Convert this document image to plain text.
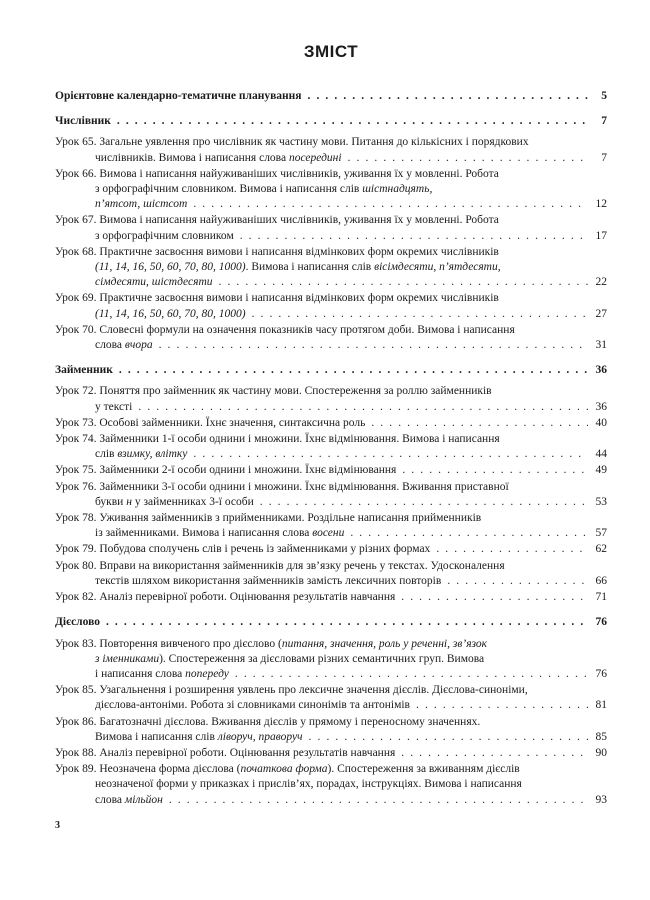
ЗМІСТ
Орієнтовне календарно-тематичне планування . . .	5
Числівник . . .	7
Урок 65. Загальне уявлення про числівник як частину мови. Питання до кількісних і порядкових
числівників. Вимова і написання слова посередині . . .	7
Урок 66. Вимова і написання найуживаніших числівників, уживання їх у мовленні. Робота
з орфографічним словником. Вимова і написання слів шістнадцять,
п’ятсот, шістсот . . .	12
Урок 67. Вимова і написання найуживаніших числівників, уживання їх у мовленні. Робота
з орфографічним словником . . .	17
Урок 68. Практичне засвоєння вимови і написання відмінкових форм окремих числівників
(11, 14, 16, 50, 60, 70, 80, 1000). Вимова і написання слів вісімдесяти, п’ятдесяти,
сімдесяти, шістдесяти . . .	22
Урок 69. Практичне засвоєння вимови і написання відмінкових форм окремих числівників
(11, 14, 16, 50, 60, 70, 80, 1000) . . .	27
Урок 70. Словесні формули на означення показників часу протягом доби. Вимова і написання
слова вчора . . .	31
Займенник . . .	36
Урок 72. Поняття про займенник як частину мови. Спостереження за роллю займенників
у тексті . . .	36
Урок 73. Особові займенники. Їхнє значення, синтаксична роль . . .	40
Урок 74. Займенники 1-ї особи однини і множини. Їхнє відмінювання. Вимова і написання
слів взимку, влітку . . .	44
Урок 75. Займенники 2-ї особи однини і множини. Їхнє відмінювання . . .	49
Урок 76. Займенники 3-ї особи однини і множини. Їхнє відмінювання. Вживання приставної
букви н у займенниках 3-ї особи . . .	53
Урок 78. Уживання займенників з прийменниками. Роздільне написання прийменників
із займенниками. Вимова і написання слова восени . . .	57
Урок 79. Побудова сполучень слів і речень із займенниками у різних формах . . .	62
Урок 80. Вправи на використання займенників для зв’язку речень у текстах. Удосконалення
текстів шляхом використання займенників замість лексичних повторів . . .	66
Урок 82. Аналіз перевірної роботи. Оцінювання результатів навчання . . .	71
Дієслово . . .	76
Урок 83. Повторення вивченого про дієслово (питання, значення, роль у реченні, зв’язок
з іменниками). Спостереження за дієсловами різних семантичних груп. Вимова
і написання слова попереду . . .	76
Урок 85. Узагальнення і розширення уявлень про лексичне значення дієслів. Дієслова-синоніми,
дієслова-антоніми. Робота зі словниками синонімів та антонімів . . .	81
Урок 86. Багатозначні дієслова. Вживання дієслів у прямому і переносному значеннях.
Вимова і написання слів ліворуч, праворуч . . .	85
Урок 88. Аналіз перевірної роботи. Оцінювання результатів навчання . . .	90
Урок 89. Неозначена форма дієслова (початкова форма). Спостереження за вживанням дієслів
неозначеної форми у приказках і прислів’ях, порадах, інструкціях. Вимова і написання
слова мільйон . . .	93
3
